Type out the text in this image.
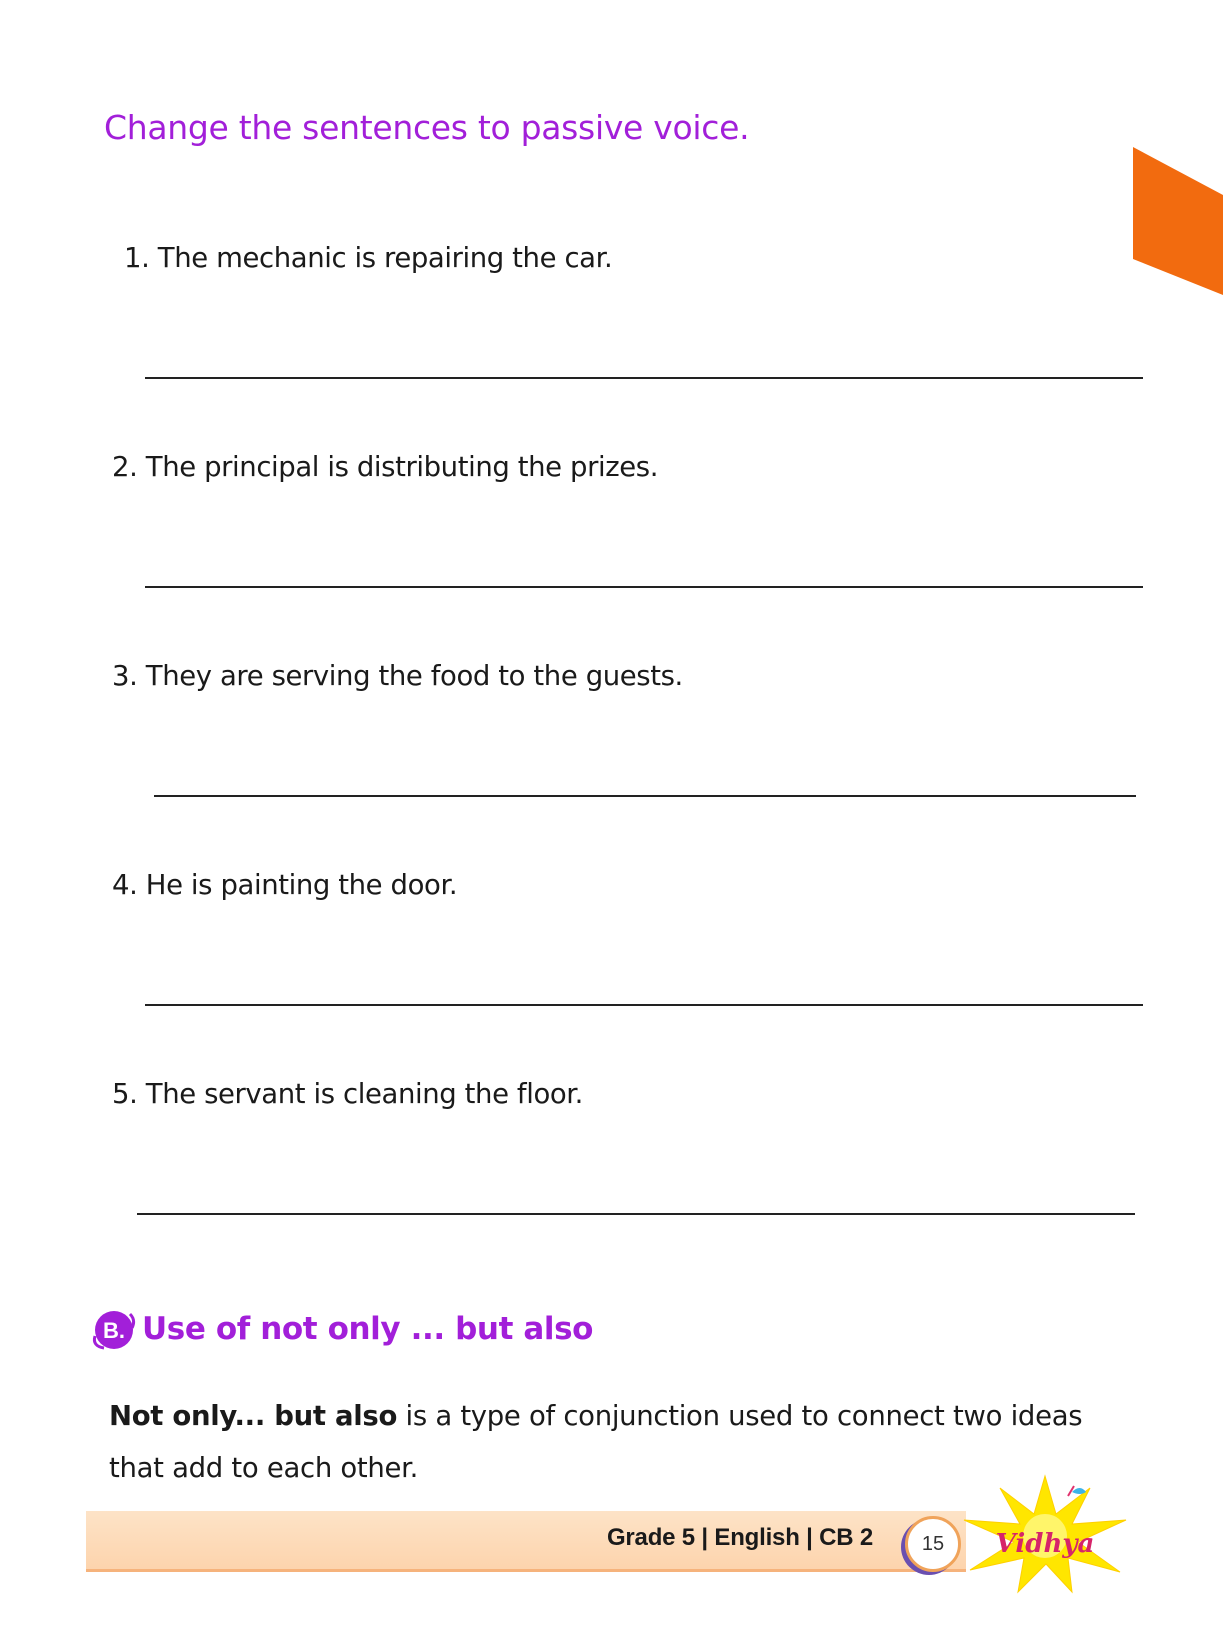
Change the sentences to passive voice.
1. The mechanic is repairing the car.
2. The principal is distributing the prizes.
3. They are serving the food to the guests.
4. He is painting the door.
5. The servant is cleaning the floor.
B. Use of not only ... but also
Not only... but also is a type of conjunction used to connect two ideas that add to each other.
Grade 5 | English | CB 2	15	Vidhya
